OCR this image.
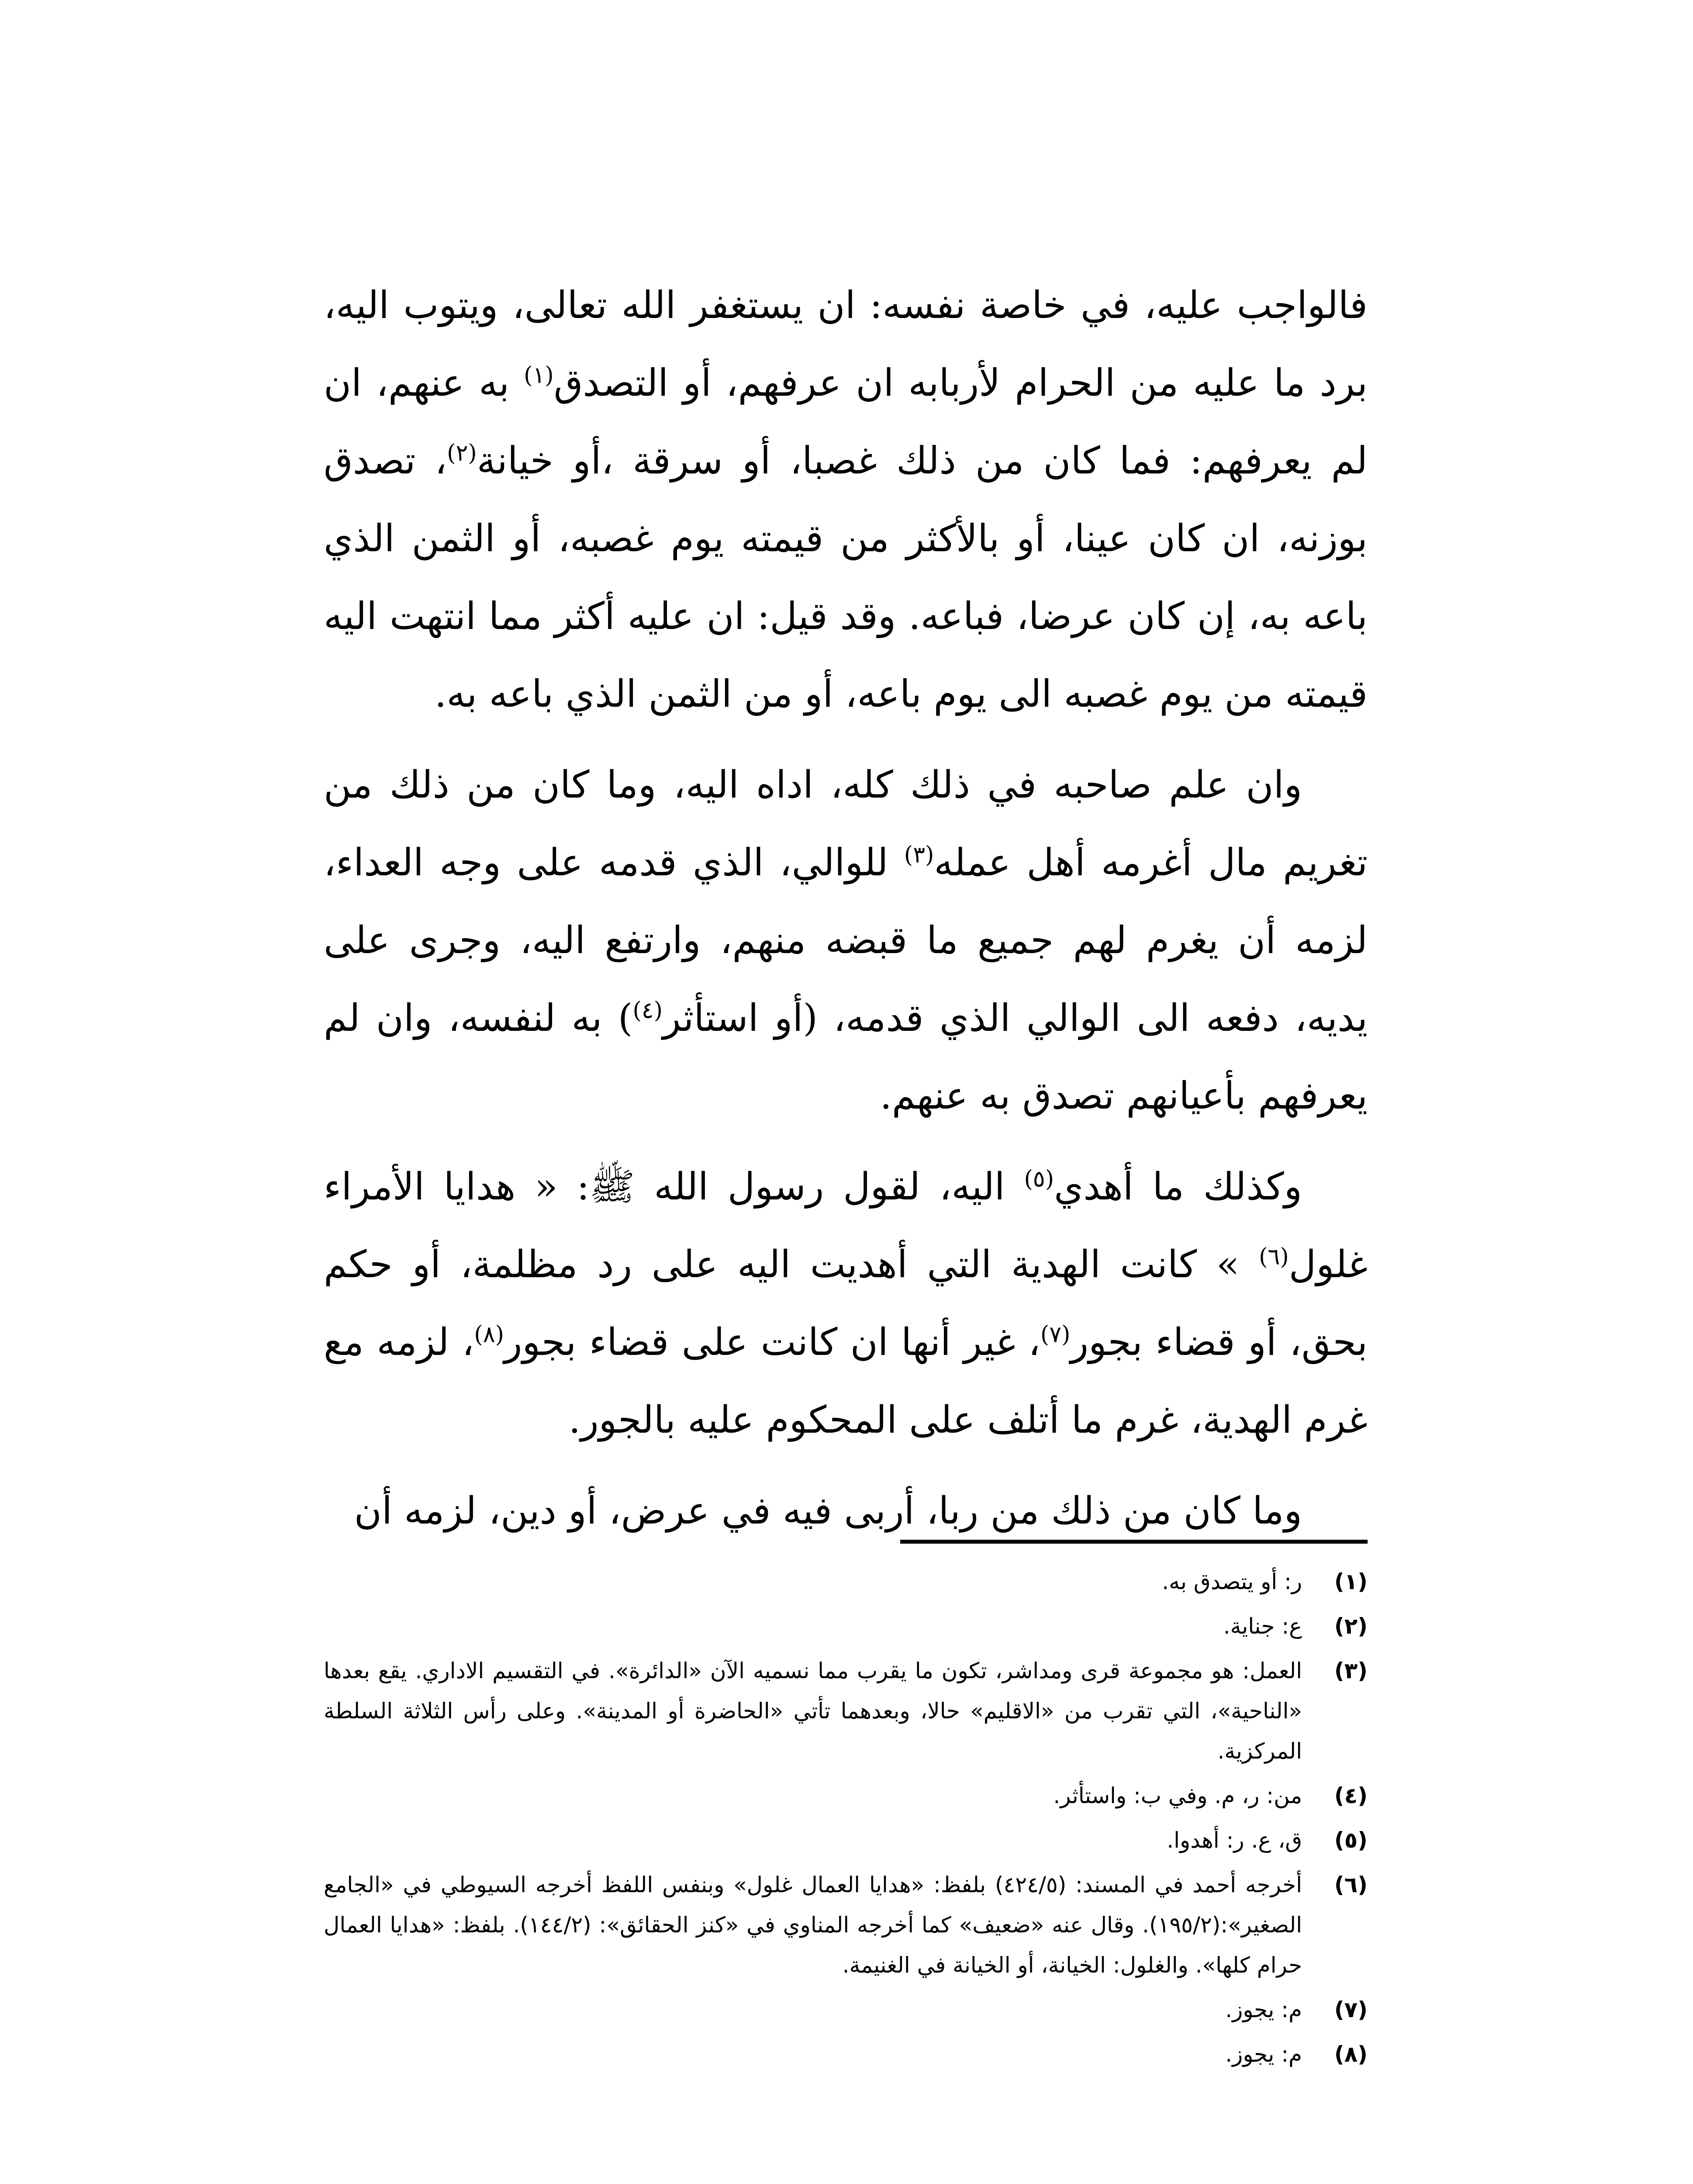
فالواجب عليه، في خاصة نفسه: ان يستغفر الله تعالى، ويتوب اليه، برد ما عليه من الحرام لأربابه ان عرفهم، أو التصدق$^{(١)}$ به عنهم، ان لم يعرفهم: فما كان من ذلك غصبا، أو سرقة ،أو خيانة$^{(٢)}$، تصدق بوزنه، ان كان عينا، أو بالأكثر من قيمته يوم غصبه، أو الثمن الذي باعه به، إن كان عرضا، فباعه. وقد قيل: ان عليه أكثر مما انتهت اليه قيمته من يوم غصبه الى يوم باعه، أو من الثمن الذي باعه به.

وان علم صاحبه في ذلك كله، اداه اليه، وما كان من ذلك من تغريم مال أغرمه أهل عمله$^{(٣)}$ للوالي، الذي قدمه على وجه العداء، لزمه أن يغرم لهم جميع ما قبضه منهم، وارتفع اليه، وجرى على يديه، دفعه الى الوالي الذي قدمه، (أو استأثر$^{(٤)}$) به لنفسه، وان لم يعرفهم بأعيانهم تصدق به عنهم.

وكذلك ما أهدي$^{(٥)}$ اليه، لقول رسول الله ﷺ: « هدايا الأمراء غلول$^{(٦)}$ » كانت الهدية التي أهديت اليه على رد مظلمة، أو حكم بحق، أو قضاء بجور$^{(٧)}$، غير أنها ان كانت على قضاء بجور$^{(٨)}$، لزمه مع غرم الهدية، غرم ما أتلف على المحكوم عليه بالجور.

وما كان من ذلك من ربا، أربى فيه في عرض، أو دين، لزمه أن

(١)
ر: أو يتصدق به.
(٢)
ع: جناية.
(٣)
العمل: هو مجموعة قرى ومداشر، تكون ما يقرب مما نسميه الآن «الدائرة». في التقسيم الاداري. يقع بعدها «الناحية»، التي تقرب من «الاقليم» حالا، وبعدهما تأتي «الحاضرة أو المدينة». وعلى رأس الثلاثة السلطة المركزية.
(٤)
من: ر، م. وفي ب: واستأثر.
(٥)
ق، ع. ر: أهدوا.
(٦)
أخرجه أحمد في المسند: (٤٢٤/٥) بلفظ: «هدايا العمال غلول» وبنفس اللفظ أخرجه السيوطي في «الجامع الصغير»:(١٩٥/٢). وقال عنه «ضعيف» كما أخرجه المناوي في «كنز الحقائق»: (١٤٤/٢). بلفظ: «هدايا العمال حرام كلها». والغلول: الخيانة، أو الخيانة في الغنيمة.
(٧)
م: يجوز.
(٨)
م: يجوز.
